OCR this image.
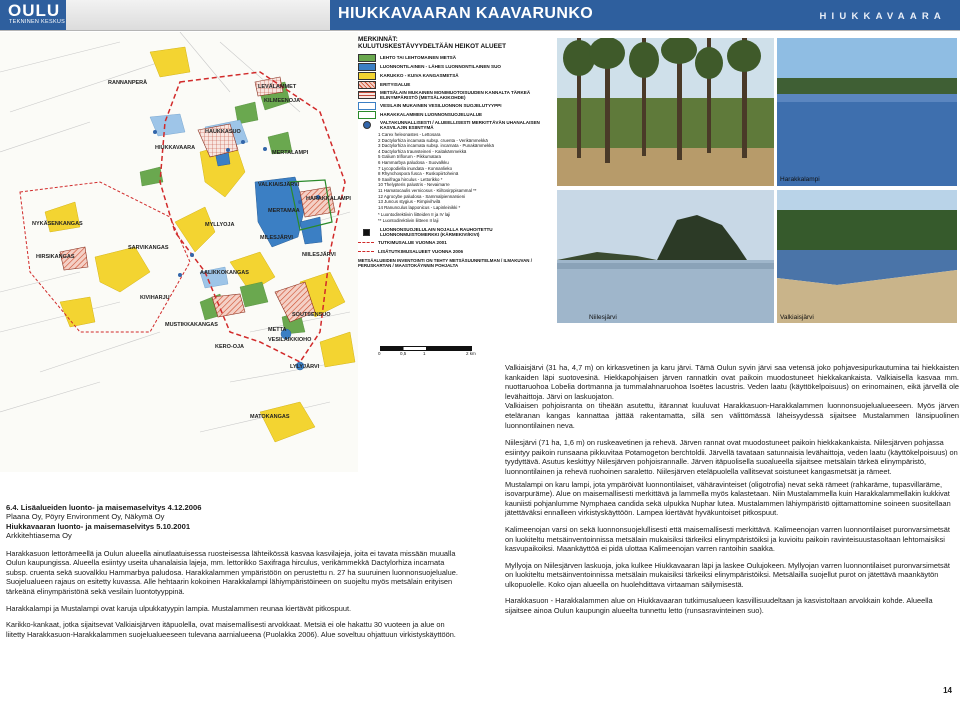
OULU
TEKNINEN KESKUS	HIUKKAVAARAN KAAVARUNKO	HIUKKAVAARA
RANNANPERÄ
LEVÄLAMMET
KILMEENOJA
HAUKKASUO
HIUKKAVAARA
MERTALAMPI
VALKIAISJÄRVI
HARAKKALAMPI
MERTAMAA
MYLLYOJA
NYKÄSENKANGAS
HIRSIKANGAS
SARVIKANGAS
AALIKKOKANGAS
NIILESJÄRVI
MILESJÄRVI
KIVIHARJU
MUSTIKKAKANGAS
KERO-OJA
SOUTSENSUO
METTA
VESILAIKKIOHO
LYLYJÄRVI
MATOKANGAS
MERKINNÄT:
KULUTUSKESTÄVYYDELTÄÄN HEIKOT ALUEET
LEHTO TAI LEHTOMAINEN METSÄ
LUONNONTILAINEN - LÄHES LUONNONTILAINEN SUO
KARUKKO - KUIVA KANGASMETSÄ
ERITYISALUE
METSÄLAIN MUKAINEN MONIMUOTOISUUDEN KANNALTA TÄRKEÄ ELINYMPÄRISTÖ (METSÄLAKIKOHDE)
VESILAIN MUKAINEN VESILUONNON SUOJELUTYYPPI
HARAKKALAMMEN LUONNONSUOJELUALUE
VALTAKUNNALLISESTI / ALUEELLISESTI MERKITTÄVÄN UHANALAISEN KASVILAJIN ESIINTYMÄ
1 Carex heleonastes - Lettosara
2 Dactylorhiza incarnata subsp. cruenta - Verikämmekkä
3 Dactylorhiza incarnata subsp. incarnata - Punakämmekkä
4 Dactylorhiza traunsteineri - Kaitakämmekkä
5 Galium triflorum - Pikkumatara
6 Hammarbya paludosa - Suovalkku
7 Lycopodiella inundata - Konnanlieko
8 Rhynchospora fusca - Ruskopiirtoheinä
9 Saxifraga hirculus - Lettorikko *
10 Thelypteris palustris - Nevaimarre
11 Hamatocaulis vernicosus - Kiiltosirppisammal **
12 Agrocybe paludosa - Sammalpiennarsieni
13 Juncus stygius - Rimpivihvilä
14 Ranunculus lapponicus - Lapinleinikki *
* Luontodirektiivin liitteiden II ja IV laji
** Luontodirektiivin liitteen II laji
LUONNONSUOJELULAIN NOJALLA RAUHOITETTU LUONNONMUISTOMERKKI (KÄRMEKIVI/KIVI)
TUTKIMUSALUE VUONNA 2001
LISÄTUTKIMUSALUEET VUONNA 2006
METSÄALUEIDEN INVENTOINTI ON TEHTY METSÄSUUNNITELMAN / ILMAKUVAN / PERUSKARTAN / MAASTOKÄYNNIN POHJALTA
0	0,5	1	2 km
Harakkalampi
Niilesjärvi	Valkiaisjärvi

Valkiaisjärvi (31 ha, 4,7 m) on kirkasvetinen ja karu järvi. Tämä Oulun syvin järvi saa vetensä joko pohjavesipurkautumina tai hiekkaisten kankaiden läpi suotovesinä. Hiekkapohjaisen järven rannatkin ovat paikoin muodostuneet hiekkakankaista. Valkiaisella kasvaa mm. nuottaruohoa Lobelia dortmanna ja tummalahnaruohoa Isoëtes lacustris. Veden laatu (käyttökelpoisuus) on erinomainen, eikä järvellä ole levähaittoja. Järvi on laskuojaton.

Valkiaisen pohjoisranta on tiheään asutettu, itärannat kuuluvat Harakkasuon-Harakkalammen luonnonsuojelualueeseen. Myös järven eteläranan kangas kannattaa jättää rakentamatta, sillä sen välittömässä läheisyydessä sijaitsee Mustalammen länsipuolinen luonnontilainen neva.

Niilesjärvi (71 ha, 1,6 m) on ruskeavetinen ja rehevä. Järven rannat ovat muodostuneet paikoin hiekkakankaista. Niilesjärven pohjassa esiintyy paikoin runsaana pikkuvitaa Potamogeton berchtoldii. Järvellä tavataan satunnaisia levähaittoja, veden laatu (käyttökelpoisuus) on tyydyttävä. Asutus keskittyy Niilesjärven pohjoisrannalle. Järven itäpuolisella suoalueella sijaitsee metsälain tärkeä elinympäristö, luonnontilainen ja rehevä ruohoinen saraletto. Niilesjärven eteläpuolella vallitsevat soistuneet kangasmetsät ja rämeet.

Mustalampi on karu lampi, jota ympäröivät luonnontilaiset, vähäravinteiset (oligotrofia) nevat sekä rämeet (rahkaräme, tupasvillaräme, isovarpuräme). Alue on maisemallisesti merkittävä ja lammella myös kalastetaan. Niin Mustalammella kuin Harakkalammellakin kukkivat kauniisti pohjanlumme Nymphaea candida sekä ulpukka Nuphar lutea. Mustalammen lähiympäristö ojittamattomine soineen suositellaan jätettäväksi ennalleen virkistyskäyttöön. Lampea kiertävät hyväkuntoiset pitkospuut.

Kalimeenojan varsi on sekä luonnonsuojelullisesti että maisemallisesti merkittävä. Kalimeenojan varren luonnontilaiset puronvarsimetsät on luokiteltu metsäinventoinnissa metsälain mukaisiksi tärkeiksi elinympäristöiksi ja kuvioitu paikoin ravinteisuustasoltaan lehtomaisiksi kasvupaikoiksi. Maankäyttöä ei pidä ulottaa Kalimeenojan varren rantoihin saakka.

Myllyoja on Niilesjärven laskuoja, joka kulkee Hiukkavaaran läpi ja laskee Oulujokeen. Myllyojan varren luonnontilaiset puronvarsimetsät on luokiteltu metsäinventoinnissa metsälain mukaisiksi tärkeiksi elinympäristöiksi. Metsälailla suojellut purot on jätettävä maankäytön ulkopuolelle. Koko ojan alueella on huolehdittava virtaaman säilymisestä.

Harakkasuon - Harakkalammen alue on Hiukkavaaran tutkimusalueen kasvillisuudeltaan ja kasvistoltaan arvokkain kohde. Alueella sijaitsee ainoa Oulun kaupungin alueelta tunnettu letto (runsasravinteinen suo).

6.4. Lisäalueiden luonto- ja maisemaselvitys 4.12.2006
Plaana Oy, Pöyry Environment Oy, Näkymä Oy
Hiukkavaaran luonto- ja maisemaselvitys 5.10.2001
Arkkitehtiasema Oy

Harakkasuon lettorämeellä ja Oulun alueella ainutlaatuisessa ruosteisessa lähteikössä kasvaa kasvilajeja, joita ei tavata missään muualla Oulun kaupungissa. Alueella esiintyy useita uhanalaisia lajeja, mm. lettorikko Saxifraga hirculus, verikämmekkä Dactylorhiza incarnata subsp. cruenta sekä suovalkku Hammarbya paludosa. Harakkalammen ympäristöön on perustettu n. 27 ha suuruinen luonnonsuojelualue. Suojelualueen rajaus on esitetty kuvassa. Alle hehtaarin kokoinen Harakkalampi lähiympäristöineen on suojeltu myös metsälain erityisen tärkeänä elinympäristönä sekä vesilain luontotyyppinä.

Harakkalampi ja Mustalampi ovat karuja ulpukkatyypin lampia. Mustalammen reunaa kiertävät pitkospuut.

Karikko-kankaat, jotka sijaitsevat Valkiaisjärven itäpuolella, ovat maisemallisesti arvokkaat. Metsiä ei ole hakattu 30 vuoteen ja alue on liitetty Harakkasuon-Harakkalammen suojelualueeseen tulevana aarnialueena (Puolakka 2006). Alue soveltuu ohjattuun virkistyskäyttöön.

14
